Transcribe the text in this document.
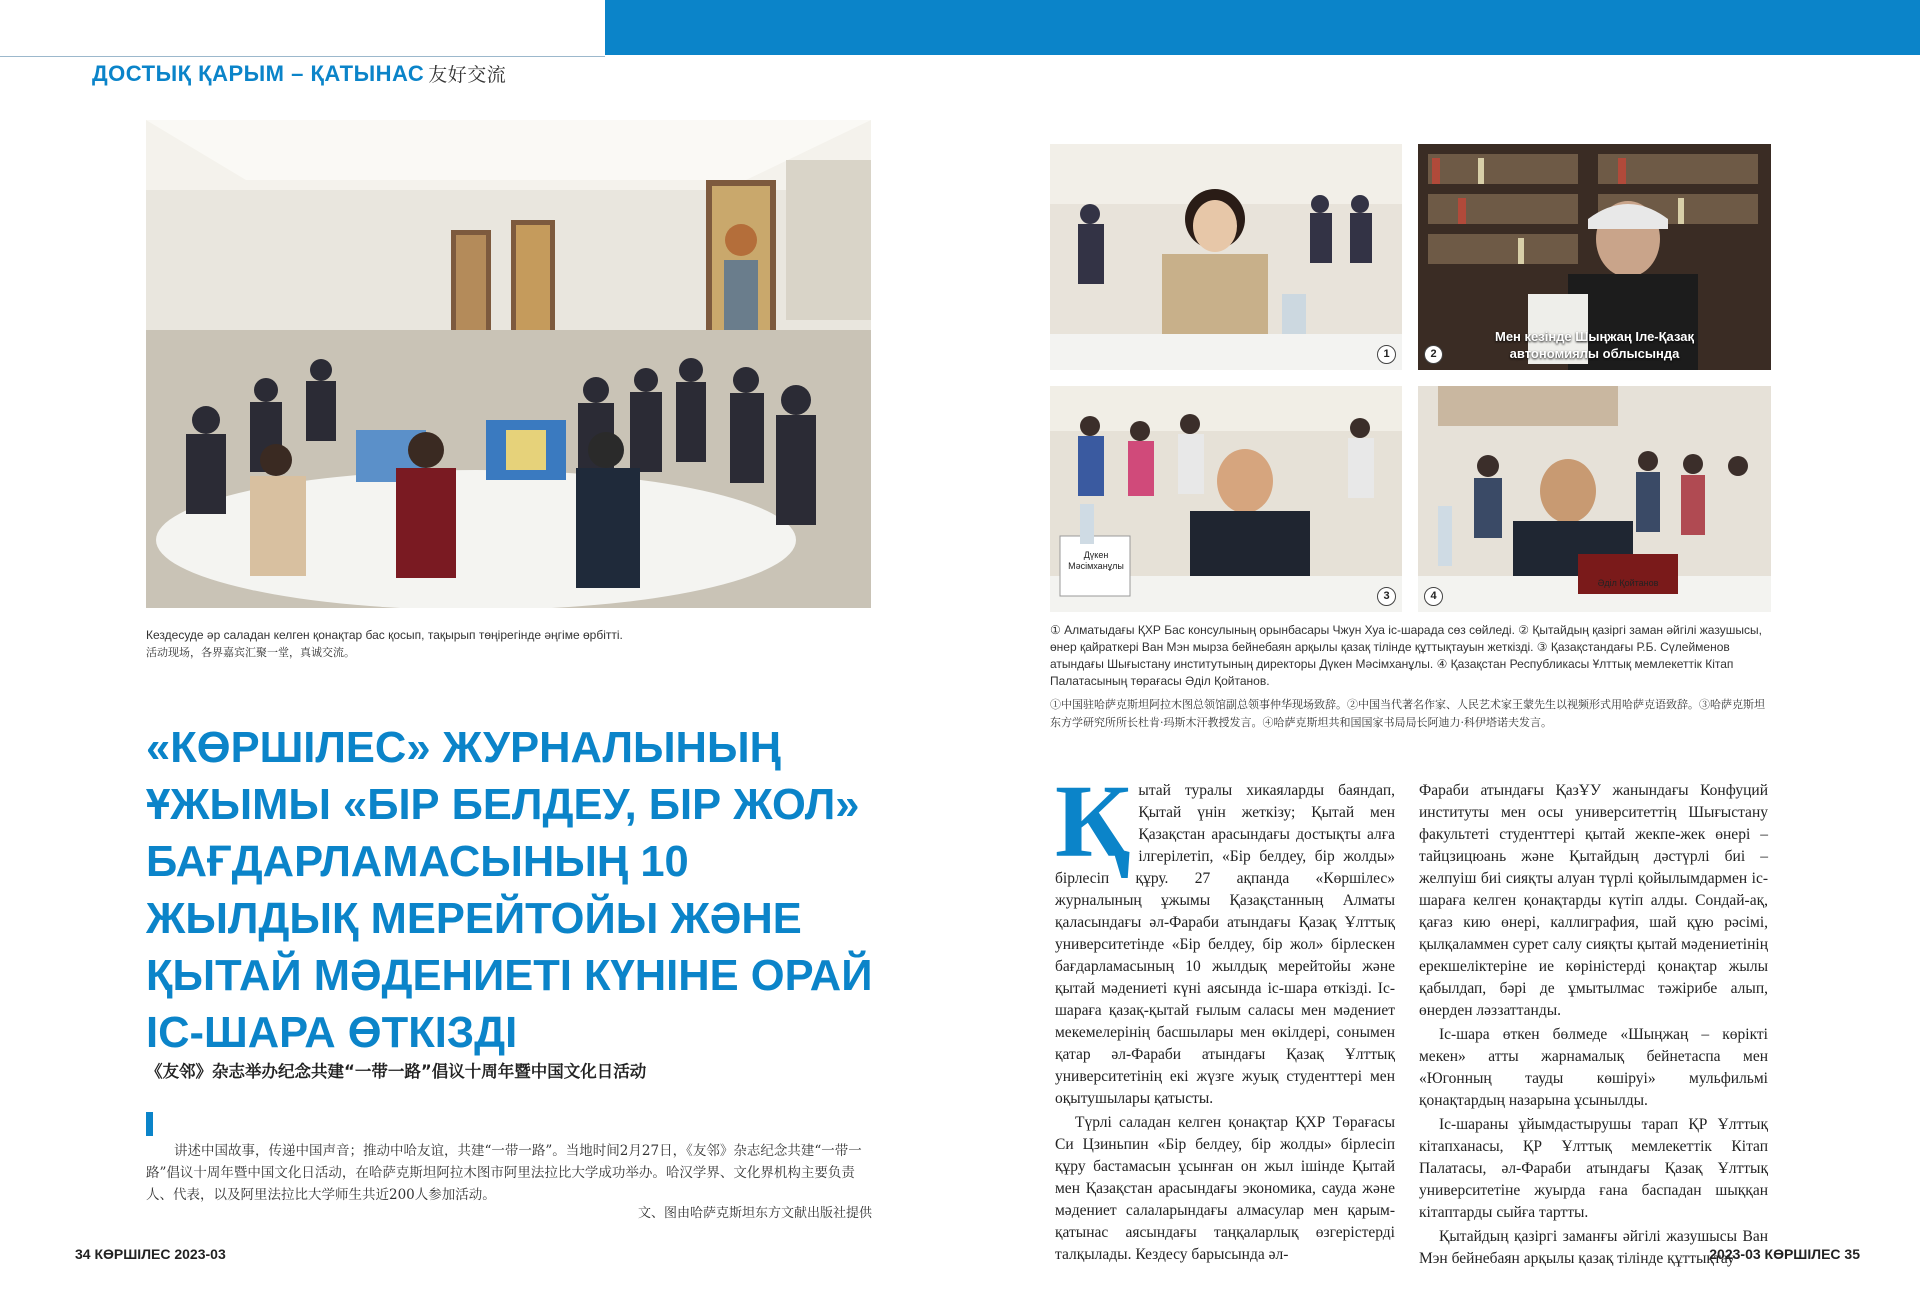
ДОСТЫҚ ҚАРЫМ – ҚАТЫНАС 友好交流
Кездесуде әр саладан келген қонақтар бас қосып, тақырып төңірегінде әңгіме өрбітті.
活动现场，各界嘉宾汇聚一堂，真诚交流。
1
Мен кезінде Шыңжаң Іле-Қазақ
автономиялы облысында
2
Дүкен Мәсімханұлы
3
Әділ Қойтанов
4

① Алматыдағы ҚХР Бас консулының орынбасары Чжун Хуа іс-шарада сөз сөйледі. ② Қытайдың қазіргі заман әйгілі жазушысы, өнер қайраткері Ван Мэн мырза бейнебаян арқылы қазақ тілінде құттықтауын жеткізді. ③ Қазақстандағы Р.Б. Сүлейменов атындағы Шығыстану институтының директоры Дүкен Мәсімханұлы. ④ Қазақстан Республикасы Ұлттық мемлекеттік Кітап Палатасының төрағасы Әділ Қойтанов.

①中国驻哈萨克斯坦阿拉木图总领馆副总领事仲华现场致辞。②中国当代著名作家、人民艺术家王蒙先生以视频形式用哈萨克语致辞。③哈萨克斯坦东方学研究所所长杜肯·玛斯木汗教授发言。④哈萨克斯坦共和国国家书局局长阿迪力·科伊塔诺夫发言。

«КӨРШІЛЕС» ЖУРНАЛЫНЫҢ ҰЖЫМЫ «БІР БЕЛДЕУ, БІР ЖОЛ» БАҒДАРЛАМАСЫНЫҢ 10 ЖЫЛДЫҚ МЕРЕЙТОЙЫ ЖӘНЕ ҚЫТАЙ МӘДЕНИЕТІ КҮНІНЕ ОРАЙ ІС-ШАРА ӨТКІЗДІ
《友邻》杂志举办纪念共建“一带一路”倡议十周年暨中国文化日活动

讲述中国故事，传递中国声音；推动中哈友谊，共建“一带一路”。当地时间2月27日，《友邻》杂志纪念共建“一带一路”倡议十周年暨中国文化日活动，在哈萨克斯坦阿拉木图市阿里法拉比大学成功举办。哈汉学界、文化界机构主要负责人、代表，以及阿里法拉比大学师生共近200人参加活动。

文、图由哈萨克斯坦东方文献出版社提供

Қытай туралы хикаяларды баяндап, Қытай үнін жеткізу; Қытай мен Қазақстан арасындағы достықты алға ілгерілетіп, «Бір белдеу, бір жолды» бірлесіп құру. 27 ақпанда «Көршілес» журналының ұжымы Қазақстанның Алматы қаласындағы әл-Фараби атындағы Қазақ Ұлттық университетінде «Бір белдеу, бір жол» бірлескен бағдарламасының 10 жылдық мерейтойы және қытай мәдениеті күні аясында іс-шара өткізді. Іс-шараға қазақ-қытай ғылым саласы мен мәдениет мекемелерінің басшылары мен өкілдері, сонымен қатар әл-Фараби атындағы Қазақ Ұлттық университетінің екі жүзге жуық студенттері мен оқытушылары қатысты.

Түрлі саладан келген қонақтар ҚХР Төрағасы Си Цзиньпин «Бір белдеу, бір жолды» бірлесіп құру бастамасын ұсынған он жыл ішінде Қытай мен Қазақстан арасындағы экономика, сауда және мәдениет салаларындағы алмасулар мен қарым-қатынас аясындағы таңқаларлық өзгерістерді талқылады. Кездесу барысында әл-

Фараби атындағы ҚазҰУ жанындағы Конфуций институты мен осы университеттің Шығыстану факультеті студенттері қытай жекпе-жек өнері – тайцзицюань және Қытайдың дәстүрлі биі – желпуіш биі сияқты алуан түрлі қойылымдармен іс-шараға келген қонақтарды күтіп алды. Сондай-ақ, қағаз кию өнері, каллиграфия, шай құю рәсімі, қылқаламмен сурет салу сияқты қытай мәдениетінің ерекшеліктеріне ие көріністерді қонақтар жылы қабылдап, бәрі де ұмытылмас тәжірибе алып, өнерден ләззаттанды.

Іс-шара өткен бөлмеде «Шыңжаң – көрікті мекен» атты жарнамалық бейнетаспа мен «Югонның тауды көшіруі» мульфильмі қонақтардың назарына ұсынылды.

Іс-шараны ұйымдастырушы тарап ҚР Ұлттық кітапханасы, ҚР Ұлттық мемлекеттік Кітап Палатасы, әл-Фараби атындағы Қазақ Ұлттық университетіне жуырда ғана баспадан шыққан кітаптарды сыйға тартты.

Қытайдың қазіргі заманғы әйгілі жазушысы Ван Мэн бейнебаян арқылы қазақ тілінде құттықтау

34 КӨРШІЛЕС 2023-03	2023-03 КӨРШІЛЕС 35
